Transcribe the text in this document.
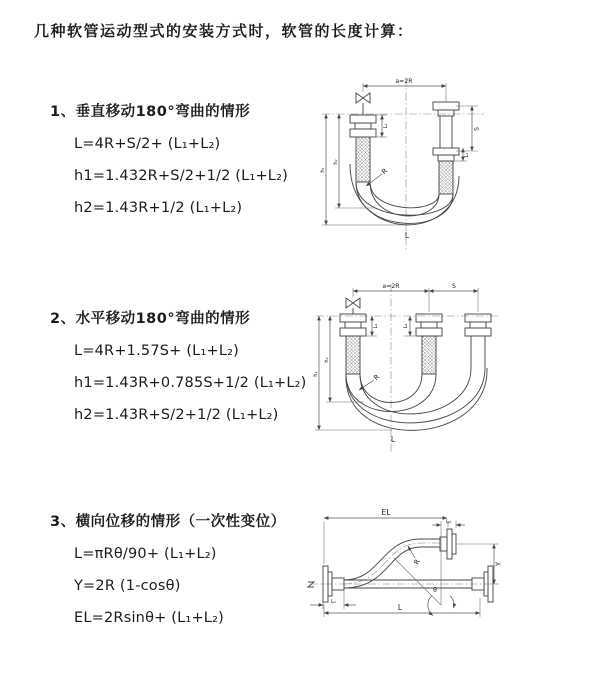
几种软管运动型式的安装方式时，软管的长度计算：
1、垂直移动180°弯曲的情形

L=4R+S/2+ (L₁+L₂)

h1=1.432R+S/2+1/2 (L₁+L₂)

h2=1.43R+1/2 (L₁+L₂)

2、水平移动180°弯曲的情形

L=4R+1.57S+ (L₁+L₂)

h1=1.43R+0.785S+1/2 (L₁+L₂)

h2=1.43R+S/2+1/2 (L₁+L₂)

3、横向位移的情形（一次性变位）

L=πRθ/90+ (L₁+L₂)

Y=2R (1-cosθ)

EL=2Rsinθ+ (L₁+L₂)

a=2R
S
L₂
L₁
h₂
h₁	R
L
a=2R	S
L₁	L₂
h₂
h₁	R
L
EL
L₂
Y
θ
R
L
L₁
